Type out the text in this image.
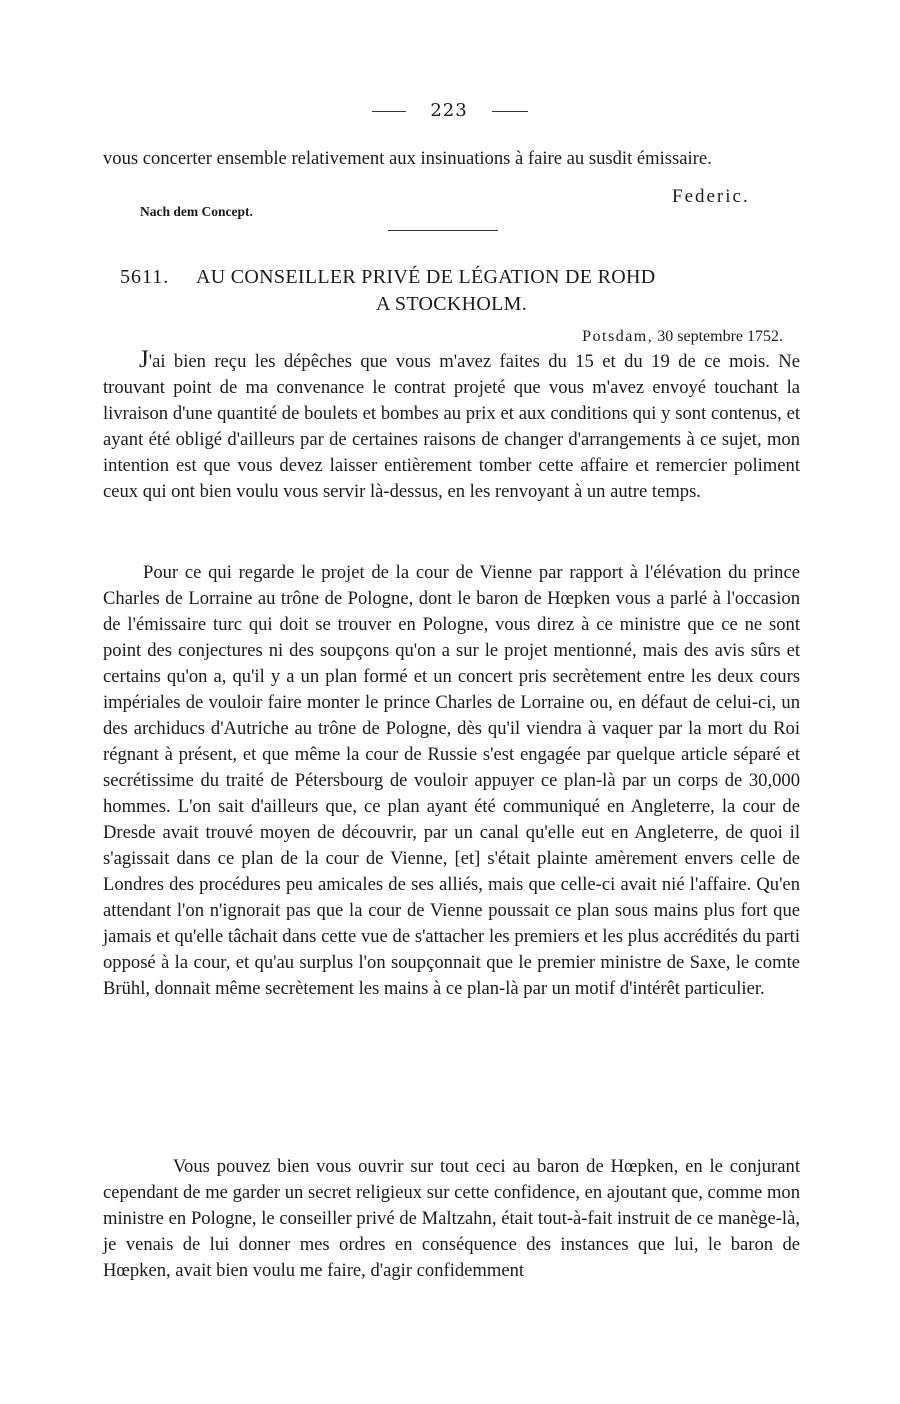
223

vous concerter ensemble relativement aux insinuations à faire au susdit émissaire.

Federic.
Nach dem Concept.
5611. AU CONSEILLER PRIVÉ DE LÉGATION DE ROHD
A STOCKHOLM.
Potsdam, 30 septembre 1752.

J'ai bien reçu les dépêches que vous m'avez faites du 15 et du 19 de ce mois. Ne trouvant point de ma convenance le contrat projeté que vous m'avez envoyé touchant la livraison d'une quantité de boulets et bombes au prix et aux conditions qui y sont contenus, et ayant été obligé d'ailleurs par de certaines raisons de changer d'arrangements à ce sujet, mon intention est que vous devez laisser entièrement tomber cette affaire et remercier poliment ceux qui ont bien voulu vous servir là-dessus, en les renvoyant à un autre temps.

Pour ce qui regarde le projet de la cour de Vienne par rapport à l'élévation du prince Charles de Lorraine au trône de Pologne, dont le baron de Hœpken vous a parlé à l'occasion de l'émissaire turc qui doit se trouver en Pologne, vous direz à ce ministre que ce ne sont point des conjectures ni des soupçons qu'on a sur le projet mentionné, mais des avis sûrs et certains qu'on a, qu'il y a un plan formé et un concert pris secrètement entre les deux cours impériales de vouloir faire monter le prince Charles de Lorraine ou, en défaut de celui-ci, un des archiducs d'Autriche au trône de Pologne, dès qu'il viendra à vaquer par la mort du Roi régnant à présent, et que même la cour de Russie s'est engagée par quelque article séparé et secrétissime du traité de Pétersbourg de vouloir appuyer ce plan-là par un corps de 30,000 hommes. L'on sait d'ailleurs que, ce plan ayant été communiqué en Angleterre, la cour de Dresde avait trouvé moyen de découvrir, par un canal qu'elle eut en Angleterre, de quoi il s'agissait dans ce plan de la cour de Vienne, [et] s'était plainte amèrement envers celle de Londres des procédures peu amicales de ses alliés, mais que celle-ci avait nié l'affaire. Qu'en attendant l'on n'ignorait pas que la cour de Vienne poussait ce plan sous mains plus fort que jamais et qu'elle tâchait dans cette vue de s'attacher les premiers et les plus accrédités du parti opposé à la cour, et qu'au surplus l'on soupçonnait que le premier ministre de Saxe, le comte Brühl, donnait même secrètement les mains à ce plan-là par un motif d'intérêt particulier.

Vous pouvez bien vous ouvrir sur tout ceci au baron de Hœpken, en le conjurant cependant de me garder un secret religieux sur cette confidence, en ajoutant que, comme mon ministre en Pologne, le conseiller privé de Maltzahn, était tout-à-fait instruit de ce manège-là, je venais de lui donner mes ordres en conséquence des instances que lui, le baron de Hœpken, avait bien voulu me faire, d'agir confidemment
